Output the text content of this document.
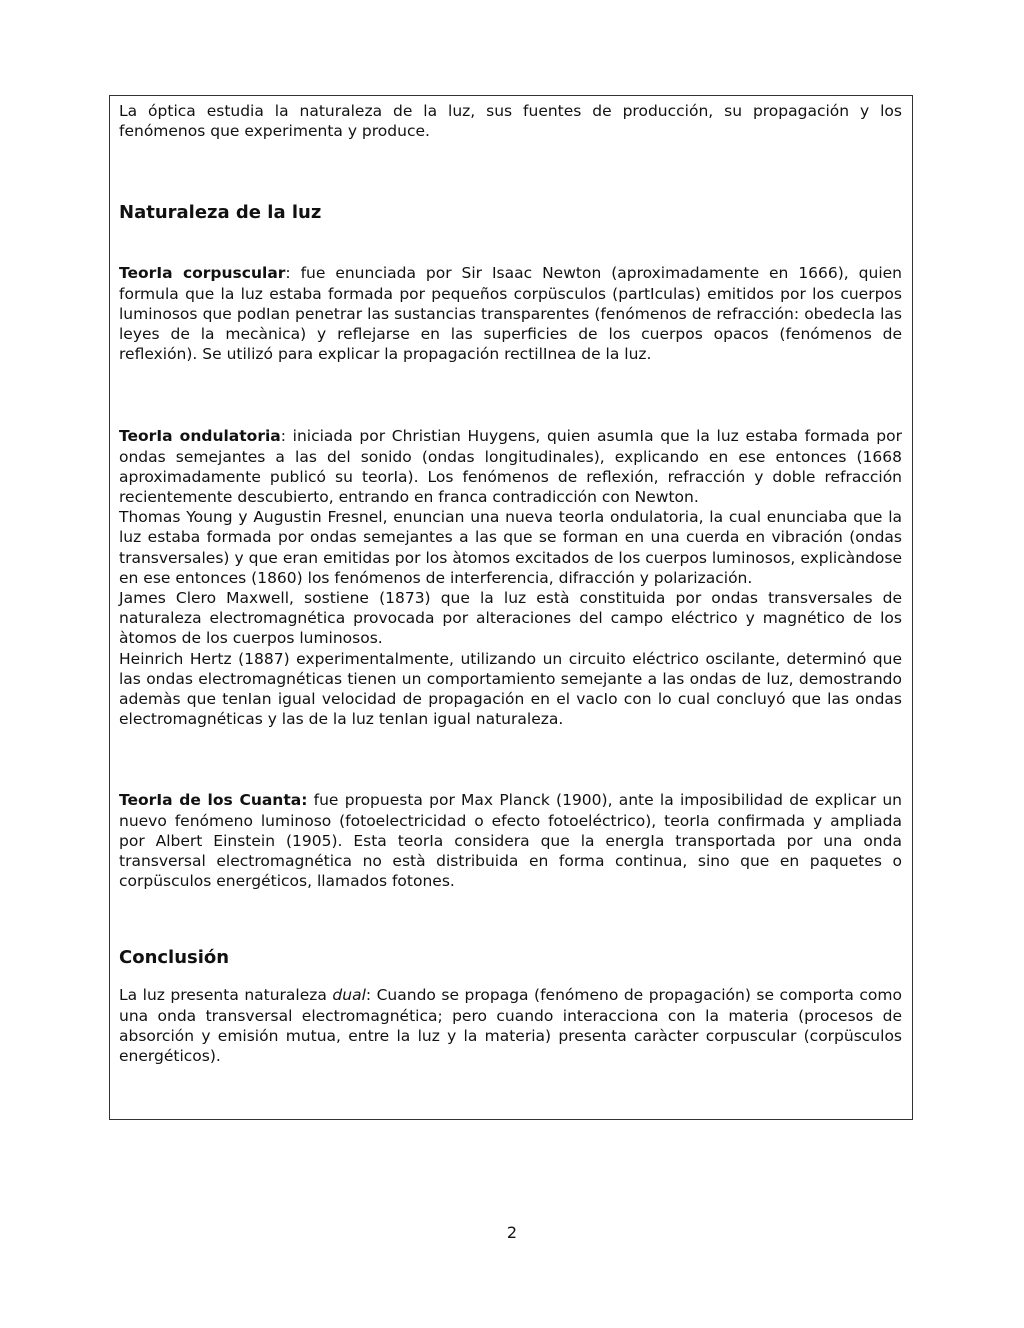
La óptica estudia la naturaleza de la luz, sus fuentes de producción, su propagación y los fenómenos que experimenta y produce.

Naturaleza de la luz

TeorIa corpuscular: fue enunciada por Sir Isaac Newton (aproximadamente en 1666), quien formula que la luz estaba formada por pequeños corpüsculos (partIculas) emitidos por los cuerpos luminosos que podIan penetrar las sustancias transparentes (fenómenos de refracción: obedecIa las leyes de la mecànica) y reflejarse en las superficies de los cuerpos opacos (fenómenos de reflexión). Se utilizó para explicar la propagación rectilInea de la luz.

TeorIa ondulatoria: iniciada por Christian Huygens, quien asumIa que la luz estaba formada por ondas semejantes a las del sonido (ondas longitudinales), explicando en ese entonces (1668 aproximadamente publicó su teorIa). Los fenómenos de reflexión, refracción y doble refracción recientemente descubierto, entrando en franca contradicción con Newton.

Thomas Young y Augustin Fresnel, enuncian una nueva teorIa ondulatoria, la cual enunciaba que la luz estaba formada por ondas semejantes a las que se forman en una cuerda en vibración (ondas transversales) y que eran emitidas por los àtomos excitados de los cuerpos luminosos, explicàndose en ese entonces (1860) los fenómenos de interferencia, difracción y polarización.

James Clero Maxwell, sostiene (1873) que la luz està constituida por ondas transversales de naturaleza electromagnética provocada por alteraciones del campo eléctrico y magnético de los àtomos de los cuerpos luminosos.

Heinrich Hertz (1887) experimentalmente, utilizando un circuito eléctrico oscilante, determinó que las ondas electromagnéticas tienen un comportamiento semejante a las ondas de luz, demostrando ademàs que tenIan igual velocidad de propagación en el vacIo con lo cual concluyó que las ondas electromagnéticas y las de la luz tenIan igual naturaleza.

TeorIa de los Cuanta: fue propuesta por Max Planck (1900), ante la imposibilidad de explicar un nuevo fenómeno luminoso (fotoelectricidad o efecto fotoeléctrico), teorIa confirmada y ampliada por Albert Einstein (1905). Esta teorIa considera que la energIa transportada por una onda transversal electromagnética no està distribuida en forma continua, sino que en paquetes o corpüsculos energéticos, llamados fotones.

Conclusión

La luz presenta naturaleza dual: Cuando se propaga (fenómeno de propagación) se comporta como una onda transversal electromagnética; pero cuando interacciona con la materia (procesos de absorción y emisión mutua, entre la luz y la materia) presenta caràcter corpuscular (corpüsculos energéticos).

2
